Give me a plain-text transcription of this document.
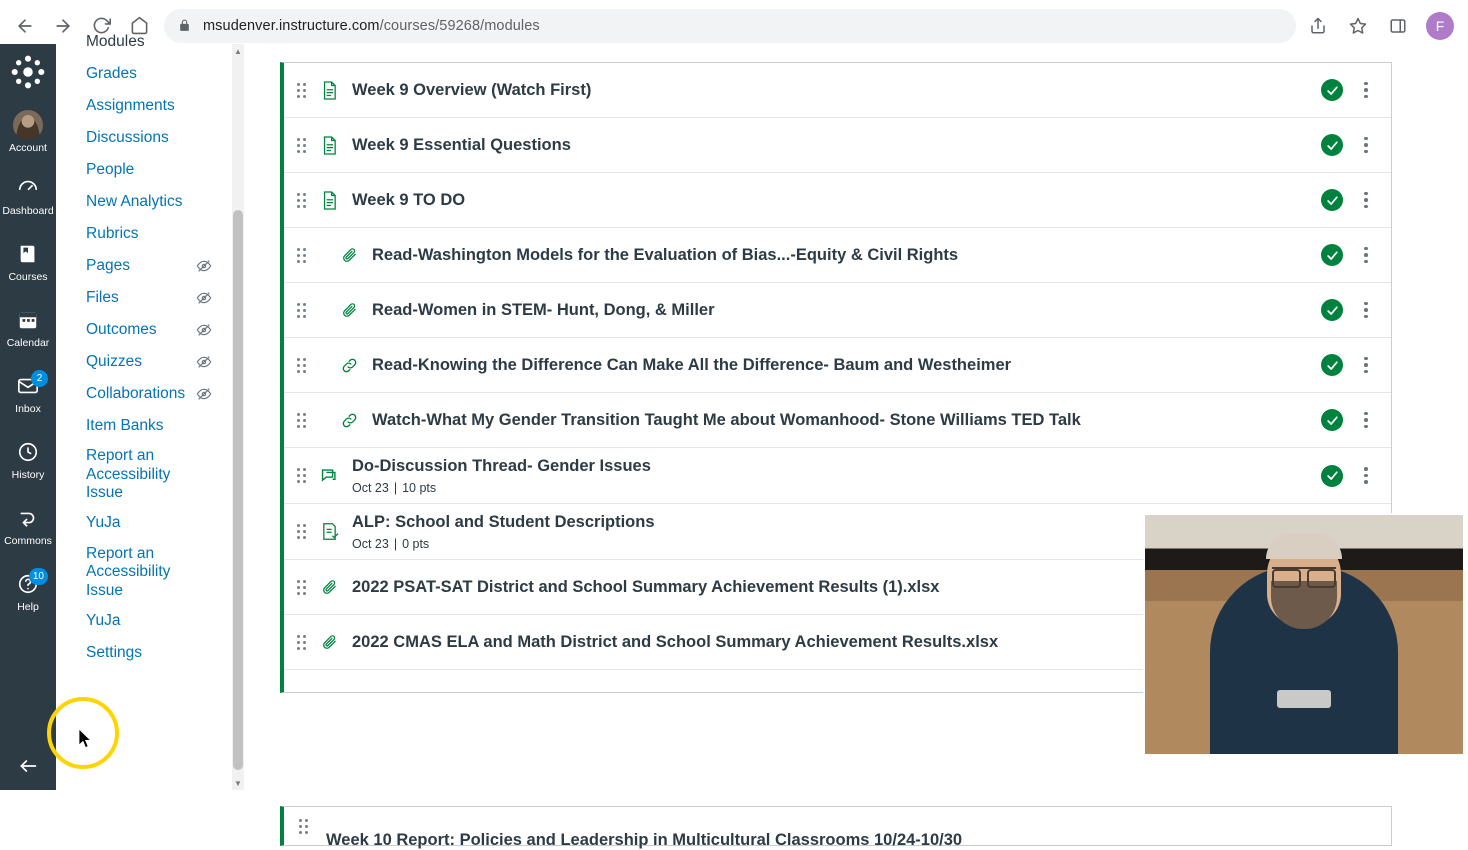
msudenver.instructure.com/courses/59268/modules	F
Account
Dashboard
Courses
Calendar
2
Inbox
History
Commons
10
Help
Modules
Grades
Assignments
Discussions
People
New Analytics
Rubrics
Pages
Files
Outcomes
Quizzes
Collaborations
Item Banks
Report an Accessibility Issue
YuJa
Report an Accessibility Issue
YuJa
Settings
▲
▼
Week 9 Overview (Watch First)
Week 9 Essential Questions
Week 9 TO DO
Read-Washington Models for the Evaluation of Bias...-Equity & Civil Rights
Read-Women in STEM- Hunt, Dong, & Miller
Read-Knowing the Difference Can Make All the Difference- Baum and Westheimer
Watch-What My Gender Transition Taught Me about Womanhood- Stone Williams TED Talk
Do-Discussion Thread- Gender Issues
Oct 23 | 10 pts
ALP: School and Student Descriptions
Oct 23 | 0 pts
2022 PSAT-SAT District and School Summary Achievement Results (1).xlsx
2022 CMAS ELA and Math District and School Summary Achievement Results.xlsx
Week 10 Report: Policies and Leadership in Multicultural Classrooms 10/24-10/30
